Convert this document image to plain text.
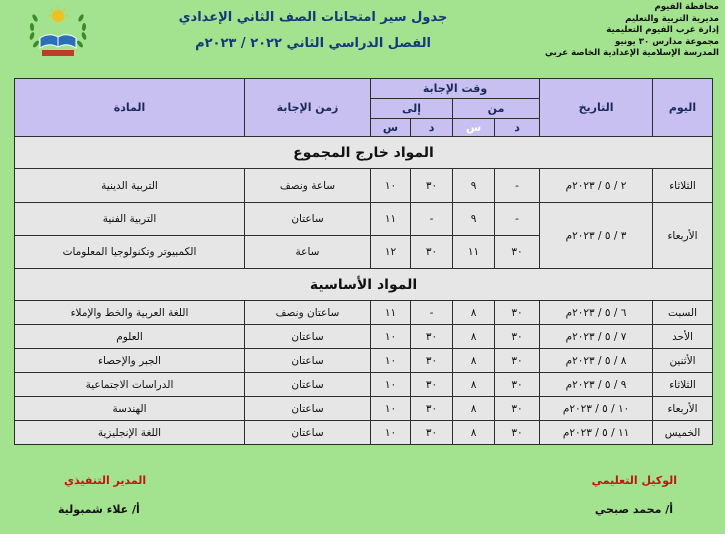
محافظة الفيوم
مديرية التربية والتعليم
إدارة غرب الفيوم التعليمية
مجموعة مدارس ٣٠ يونيو
المدرسة الإسلامية الإعدادية الخاصة عربي
جدول سير امتحانات الصف الثاني الإعدادي
الفصل الدراسي الثاني ٢٠٢٢ / ٢٠٢٣م
اليوم	التاريخ	وقت الإجابة				زمن الإجابة	المادة
		من		إلى			
		د	س	د	س		
المواد خارج المجموع							
الثلاثاء	٢ / ٥ / ٢٠٢٣م	-	٩	٣٠	١٠	ساعة ونصف	التربية الدينية
الأربعاء	٣ / ٥ / ٢٠٢٣م	-	٩	-	١١	ساعتان	التربية الفنية
		٣٠	١١	٣٠	١٢	ساعة	الكمبيوتر وتكنولوجيا المعلومات
المواد الأساسية							
السبت	٦ / ٥ / ٢٠٢٣م	٣٠	٨	-	١١	ساعتان ونصف	اللغة العربية والخط والإملاء
الأحد	٧ / ٥ / ٢٠٢٣م	٣٠	٨	٣٠	١٠	ساعتان	العلوم
الأثنين	٨ / ٥ / ٢٠٢٣م	٣٠	٨	٣٠	١٠	ساعتان	الجبر والإحصاء
الثلاثاء	٩ / ٥ / ٢٠٢٣م	٣٠	٨	٣٠	١٠	ساعتان	الدراسات الاجتماعية
الأربعاء	١٠ / ٥ / ٢٠٢٣م	٣٠	٨	٣٠	١٠	ساعتان	الهندسة
الخميس	١١ / ٥ / ٢٠٢٣م	٣٠	٨	٣٠	١٠	ساعتان	اللغة الإنجليزية
الوكيل التعليمي
أ/ محمد صبحي
المدير التنفيذي
أ/ علاء شمبولية
